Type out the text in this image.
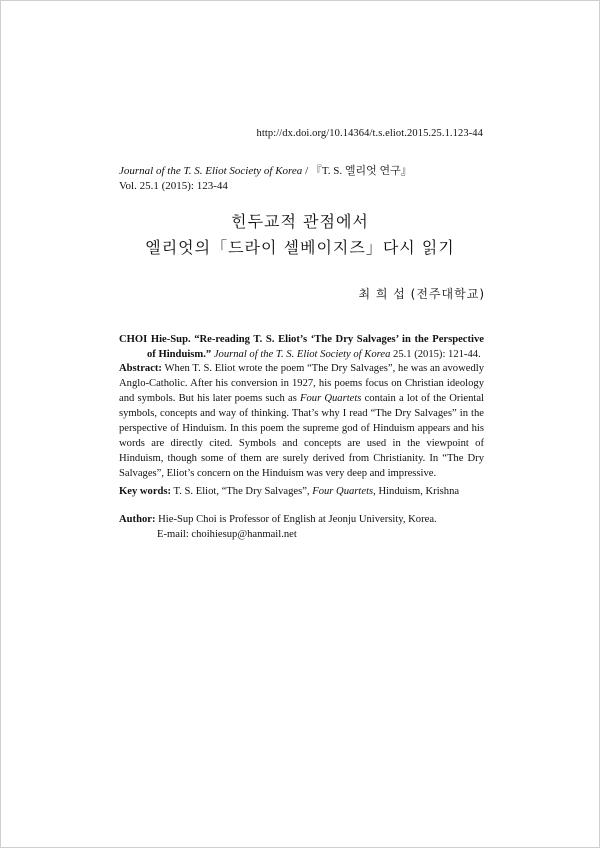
http://dx.doi.org/10.14364/t.s.eliot.2015.25.1.123-44
Journal of the T. S. Eliot Society of Korea / 『T. S. 엘리엇 연구』
Vol. 25.1 (2015): 123-44
힌두교적 관점에서
엘리엇의「드라이 셀베이지즈」다시 읽기
최 희 섭 (전주대학교)
CHOI Hie-Sup. “Re-reading T. S. Eliot’s ‘The Dry Salvages’ in the Perspective of Hinduism.” Journal of the T. S. Eliot Society of Korea 25.1 (2015): 121-44.
Abstract: When T. S. Eliot wrote the poem “The Dry Salvages”, he was an avowedly Anglo-Catholic. After his conversion in 1927, his poems focus on Christian ideology and symbols. But his later poems such as Four Quartets contain a lot of the Oriental symbols, concepts and way of thinking. That’s why I read “The Dry Salvages” in the perspective of Hinduism. In this poem the supreme god of Hinduism appears and his words are directly cited. Symbols and concepts are used in the viewpoint of Hinduism, though some of them are surely derived from Christianity. In “The Dry Salvages”, Eliot’s concern on the Hinduism was very deep and impressive.
Key words: T. S. Eliot, “The Dry Salvages”, Four Quartets, Hinduism, Krishna
Author: Hie-Sup Choi is Professor of English at Jeonju University, Korea.
E-mail: choihiesup@hanmail.net
